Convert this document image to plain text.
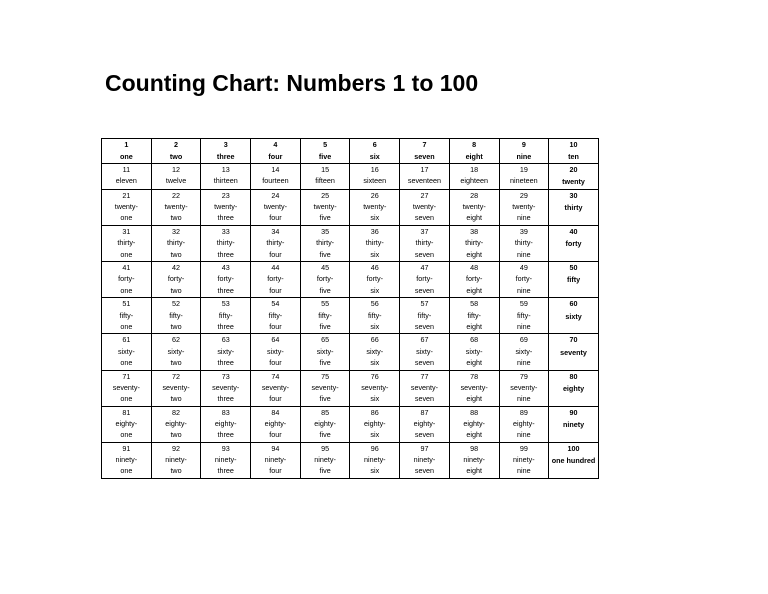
Counting Chart: Numbers 1 to 100
1
one	2
two	3
three	4
four	5
five	6
six	7
seven	8
eight	9
nine	10
ten

11
eleven	12
twelve	13
thirteen	14
fourteen	15
fifteen	16
sixteen	17
seventeen	18
eighteen	19
nineteen	20
twenty

21
twenty-
one	22
twenty-
two	23
twenty-
three	24
twenty-
four	25
twenty-
five	26
twenty-
six	27
twenty-
seven	28
twenty-
eight	29
twenty-
nine	30
thirty

31
thirty-
one	32
thirty-
two	33
thirty-
three	34
thirty-
four	35
thirty-
five	36
thirty-
six	37
thirty-
seven	38
thirty-
eight	39
thirty-
nine	40
forty

41
forty-
one	42
forty-
two	43
forty-
three	44
forty-
four	45
forty-
five	46
forty-
six	47
forty-
seven	48
forty-
eight	49
forty-
nine	50
fifty

51
fifty-
one	52
fifty-
two	53
fifty-
three	54
fifty-
four	55
fifty-
five	56
fifty-
six	57
fifty-
seven	58
fifty-
eight	59
fifty-
nine	60
sixty

61
sixty-
one	62
sixty-
two	63
sixty-
three	64
sixty-
four	65
sixty-
five	66
sixty-
six	67
sixty-
seven	68
sixty-
eight	69
sixty-
nine	70
seventy

71
seventy-
one	72
seventy-
two	73
seventy-
three	74
seventy-
four	75
seventy-
five	76
seventy-
six	77
seventy-
seven	78
seventy-
eight	79
seventy-
nine	80
eighty

81
eighty-
one	82
eighty-
two	83
eighty-
three	84
eighty-
four	85
eighty-
five	86
eighty-
six	87
eighty-
seven	88
eighty-
eight	89
eighty-
nine	90
ninety

91
ninety-
one	92
ninety-
two	93
ninety-
three	94
ninety-
four	95
ninety-
five	96
ninety-
six	97
ninety-
seven	98
ninety-
eight	99
ninety-
nine	100
one hundred
